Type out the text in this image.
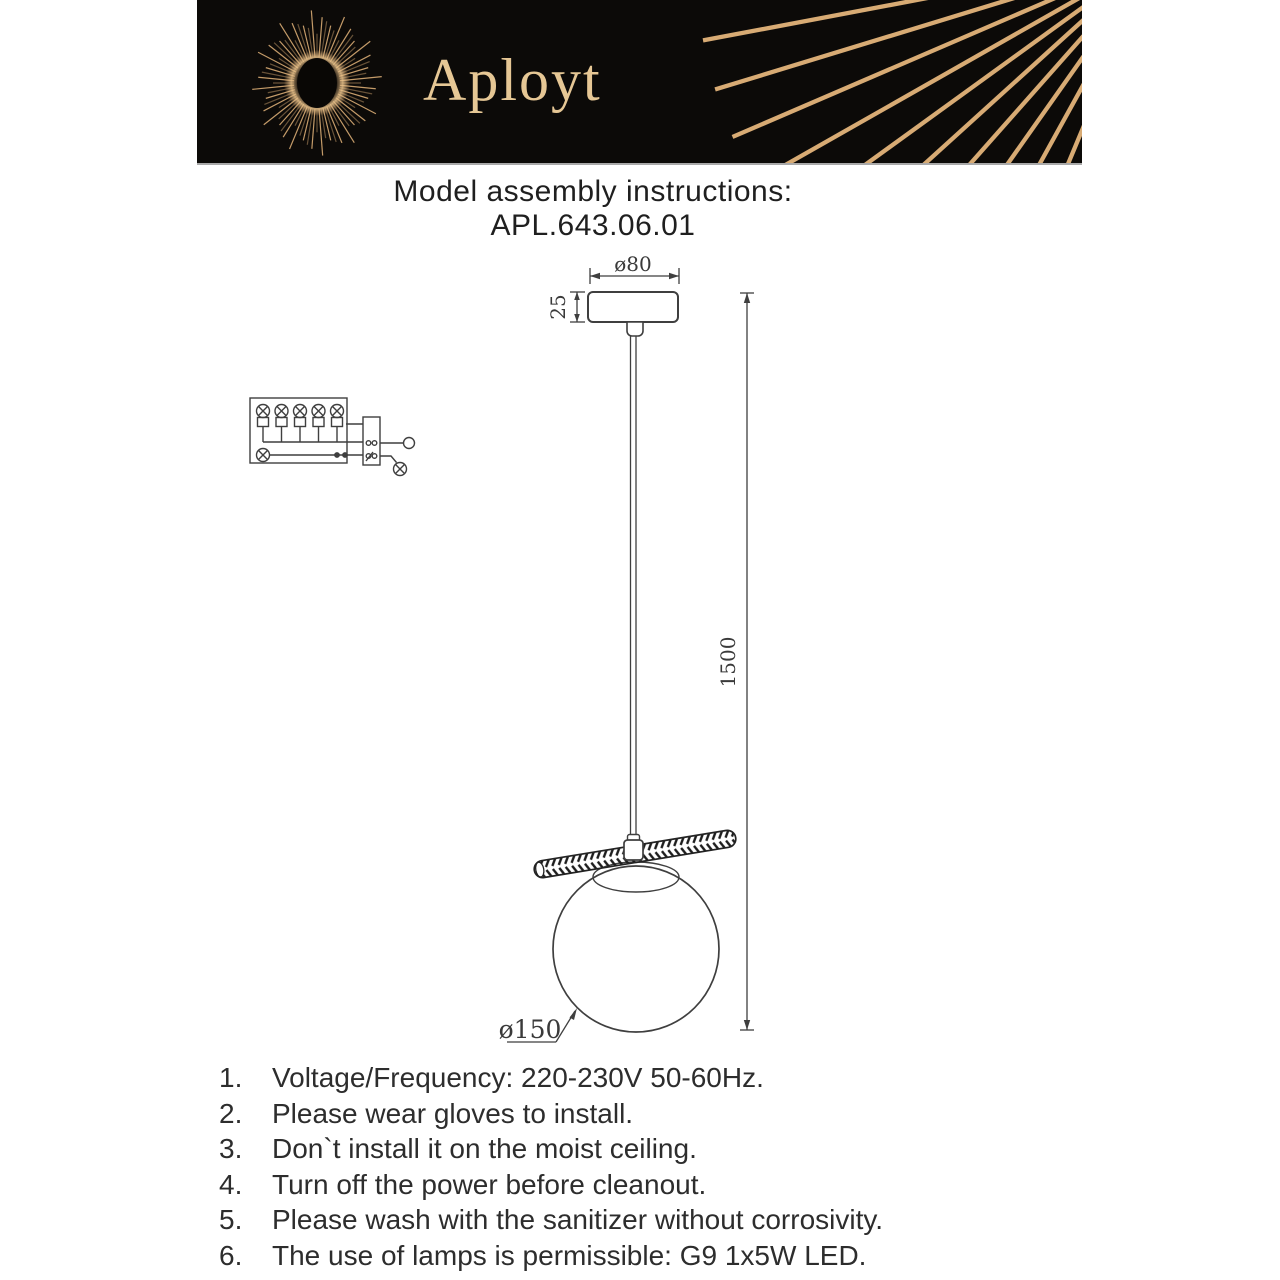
Aployt
Model assembly instructions:
APL.643.06.01
ø80
25
1500
ø150
1.	Voltage/Frequency: 220-230V 50-60Hz.
2.	Please wear gloves to install.
3.	Don`t install it on the moist ceiling.
4.	Turn off the power before cleanout.
5.	Please wash with the sanitizer without corrosivity.
6.	The use of lamps is permissible: G9 1x5W LED.
